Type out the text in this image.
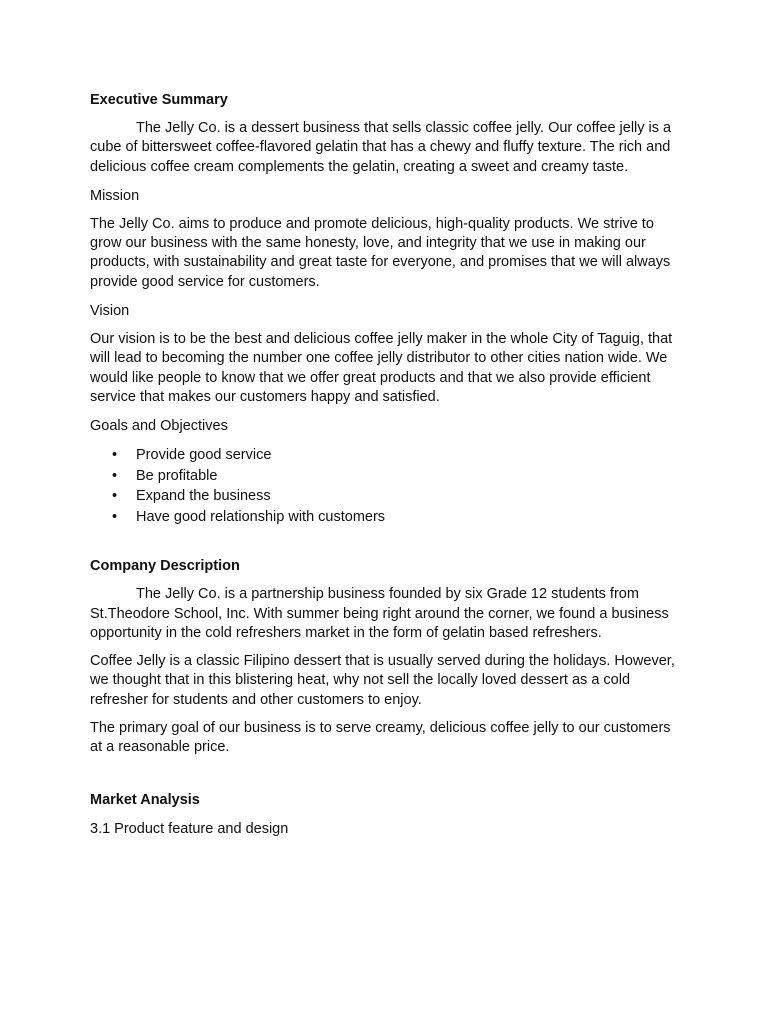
Executive Summary

The Jelly Co. is a dessert business that sells classic coffee jelly. Our coffee jelly is a cube of bittersweet coffee-flavored gelatin that has a chewy and fluffy texture. The rich and delicious coffee cream complements the gelatin, creating a sweet and creamy taste.

Mission

The Jelly Co. aims to produce and promote delicious, high-quality products. We strive to grow our business with the same honesty, love, and integrity that we use in making our products, with sustainability and great taste for everyone, and promises that we will always provide good service for customers.

Vision

Our vision is to be the best and delicious coffee jelly maker in the whole City of Taguig, that will lead to becoming the number one coffee jelly distributor to other cities nation wide. We would like people to know that we offer great products and that we also provide efficient service that makes our customers happy and satisfied.

Goals and Objectives
• Provide good service
• Be profitable
• Expand the business
• Have good relationship with customers
Company Description

The Jelly Co. is a partnership business founded by six Grade 12 students from St.Theodore School, Inc. With summer being right around the corner, we found a business opportunity in the cold refreshers market in the form of gelatin based refreshers.

Coffee Jelly is a classic Filipino dessert that is usually served during the holidays. However, we thought that in this blistering heat, why not sell the locally loved dessert as a cold refresher for students and other customers to enjoy.

The primary goal of our business is to serve creamy, delicious coffee jelly to our customers at a reasonable price.

Market Analysis
3.1 Product feature and design
